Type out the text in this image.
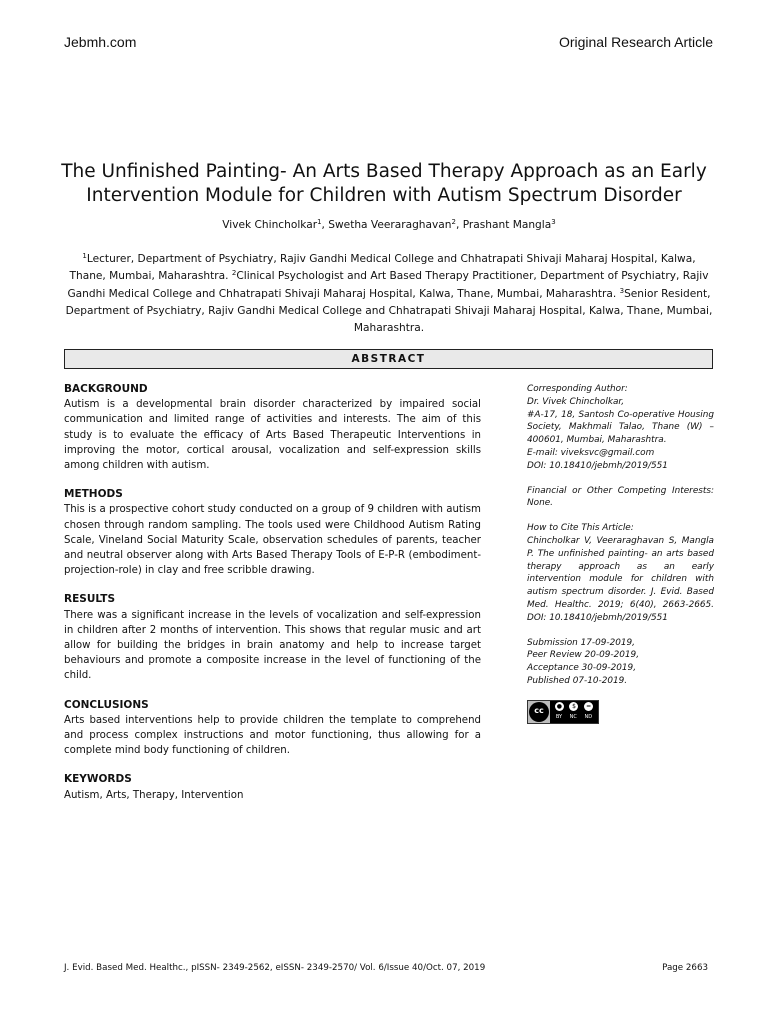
Jebmh.com	Original Research Article
The Unfinished Painting- An Arts Based Therapy Approach as an Early Intervention Module for Children with Autism Spectrum Disorder
Vivek Chincholkar$^1$, Swetha Veeraraghavan$^2$, Prashant Mangla$^3$
$^1$Lecturer, Department of Psychiatry, Rajiv Gandhi Medical College and Chhatrapati Shivaji Maharaj Hospital, Kalwa, Thane, Mumbai, Maharashtra. $^2$Clinical Psychologist and Art Based Therapy Practitioner, Department of Psychiatry, Rajiv Gandhi Medical College and Chhatrapati Shivaji Maharaj Hospital, Kalwa, Thane, Mumbai, Maharashtra. $^3$Senior Resident, Department of Psychiatry, Rajiv Gandhi Medical College and Chhatrapati Shivaji Maharaj Hospital, Kalwa, Thane, Mumbai, Maharashtra.
ABSTRACT

BACKGROUND

Autism is a developmental brain disorder characterized by impaired social communication and limited range of activities and interests. The aim of this study is to evaluate the efficacy of Arts Based Therapeutic Interventions in improving the motor, cortical arousal, vocalization and self-expression skills among children with autism.

METHODS

This is a prospective cohort study conducted on a group of 9 children with autism chosen through random sampling. The tools used were Childhood Autism Rating Scale, Vineland Social Maturity Scale, observation schedules of parents, teacher and neutral observer along with Arts Based Therapy Tools of E-P-R (embodiment-projection-role) in clay and free scribble drawing.

RESULTS

There was a significant increase in the levels of vocalization and self-expression in children after 2 months of intervention. This shows that regular music and art allow for building the bridges in brain anatomy and help to increase target behaviours and promote a composite increase in the level of functioning of the child.

CONCLUSIONS

Arts based interventions help to provide children the template to comprehend and process complex instructions and motor functioning, thus allowing for a complete mind body functioning of children.

KEYWORDS

Autism, Arts, Therapy, Intervention

Corresponding Author:

Dr. Vivek Chincholkar,

#A-17, 18, Santosh Co-operative Housing Society, Makhmali Talao, Thane (W) – 400601, Mumbai, Maharashtra.

E-mail: viveksvc@gmail.com

DOI: 10.18410/jebmh/2019/551

Financial or Other Competing Interests: None.

How to Cite This Article:

Chincholkar V, Veeraraghavan S, Mangla P. The unfinished painting- an arts based therapy approach as an early intervention module for children with autism spectrum disorder. J. Evid. Based Med. Healthc. 2019; 6(40), 2663-2665. DOI: 10.18410/jebmh/2019/551

Submission 17-09-2019,

Peer Review 20-09-2019,

Acceptance 30-09-2019,

Published 07-10-2019.

cc
●	$	=
BY NC ND
J. Evid. Based Med. Healthc., pISSN- 2349-2562, eISSN- 2349-2570/ Vol. 6/Issue 40/Oct. 07, 2019	Page 2663
